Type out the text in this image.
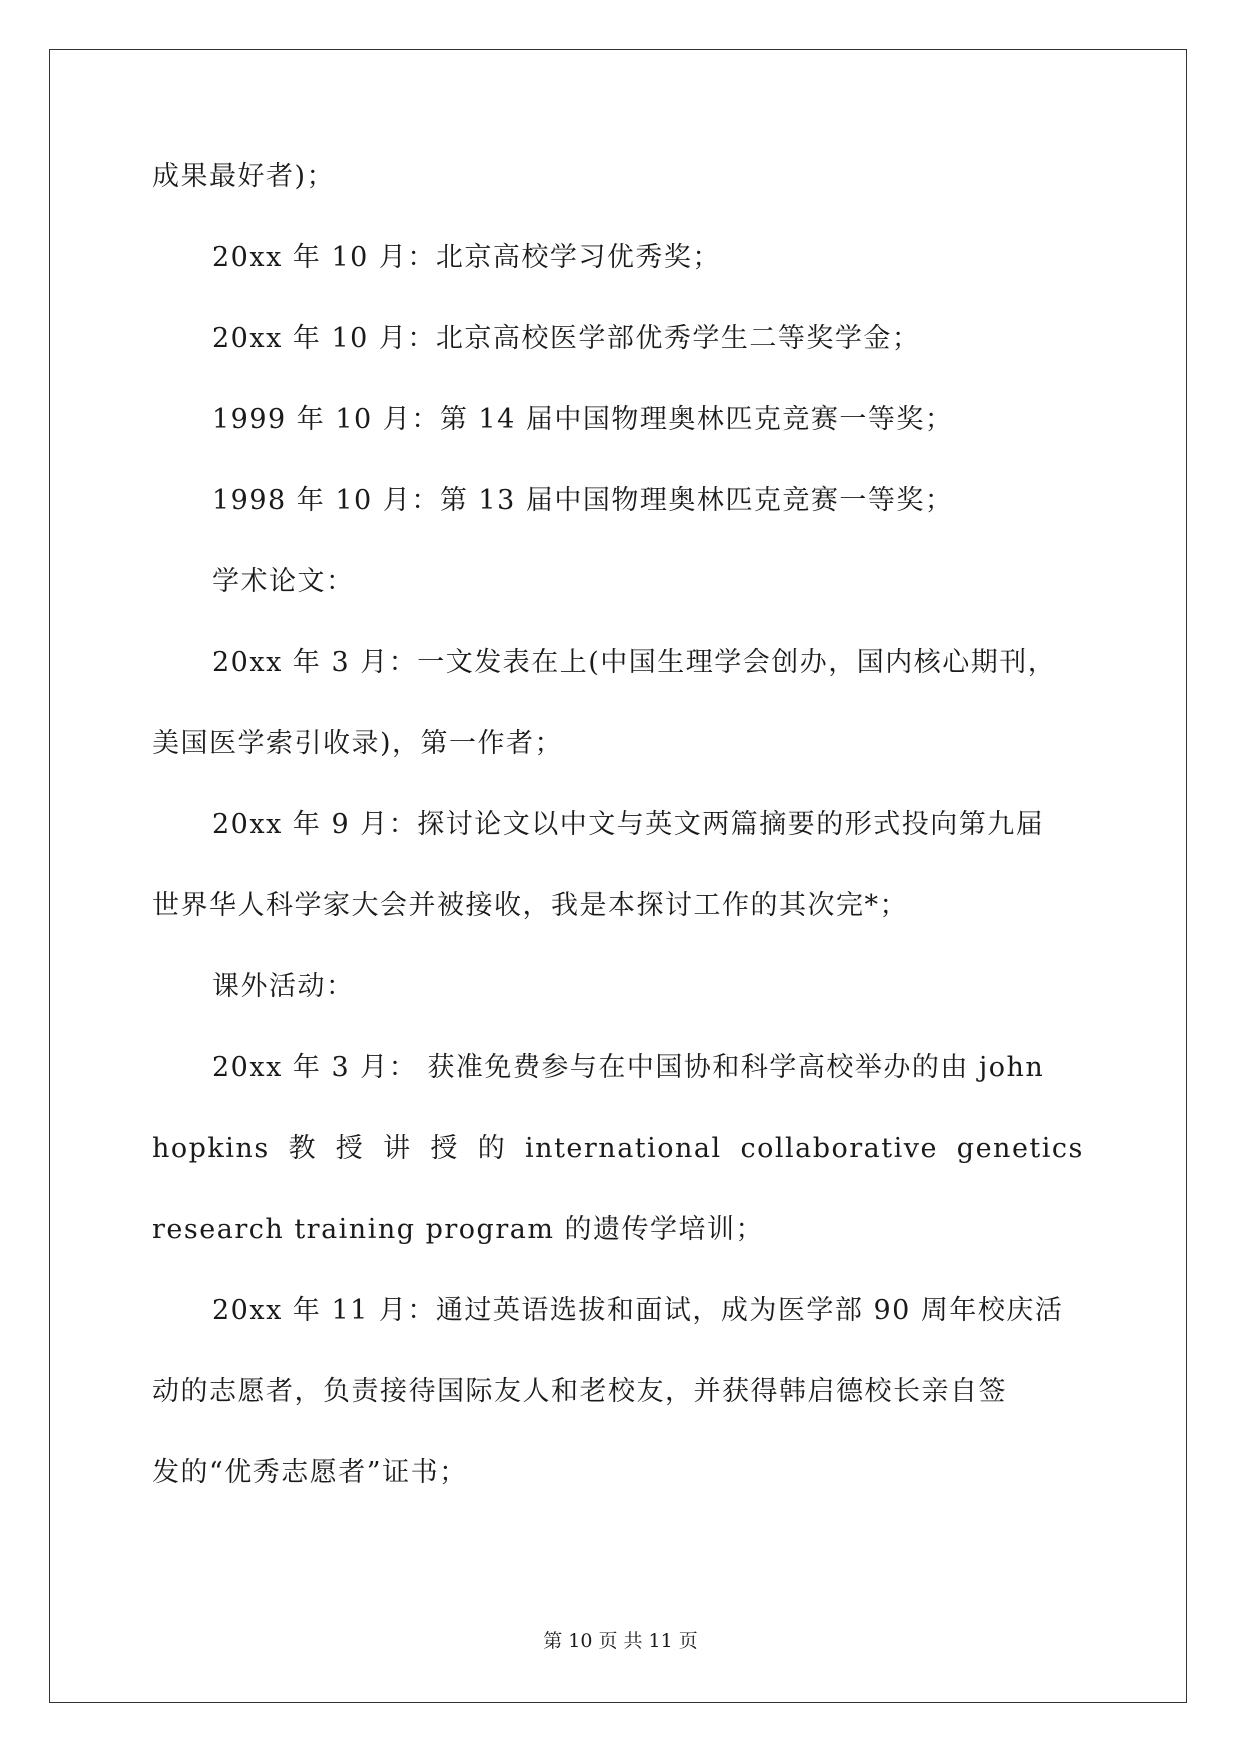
成果最好者)；
20xx 年 10 月：北京高校学习优秀奖；
20xx 年 10 月：北京高校医学部优秀学生二等奖学金；
1999 年 10 月：第 14 届中国物理奥林匹克竞赛一等奖；
1998 年 10 月：第 13 届中国物理奥林匹克竞赛一等奖；
学术论文：
20xx 年 3 月：一文发表在上(中国生理学会创办，国内核心期刊，
美国医学索引收录)，第一作者；
20xx 年 9 月：探讨论文以中文与英文两篇摘要的形式投向第九届
世界华人科学家大会并被接收，我是本探讨工作的其次完*；
课外活动：
20xx 年 3 月： 获准免费参与在中国协和科学高校举办的由 john
hopkins 教 授 讲 授 的 international collaborative genetics
research training program 的遗传学培训；
20xx 年 11 月：通过英语选拔和面试，成为医学部 90 周年校庆活
动的志愿者，负责接待国际友人和老校友，并获得韩启德校长亲自签
发的“优秀志愿者”证书；
第 10 页 共 11 页
